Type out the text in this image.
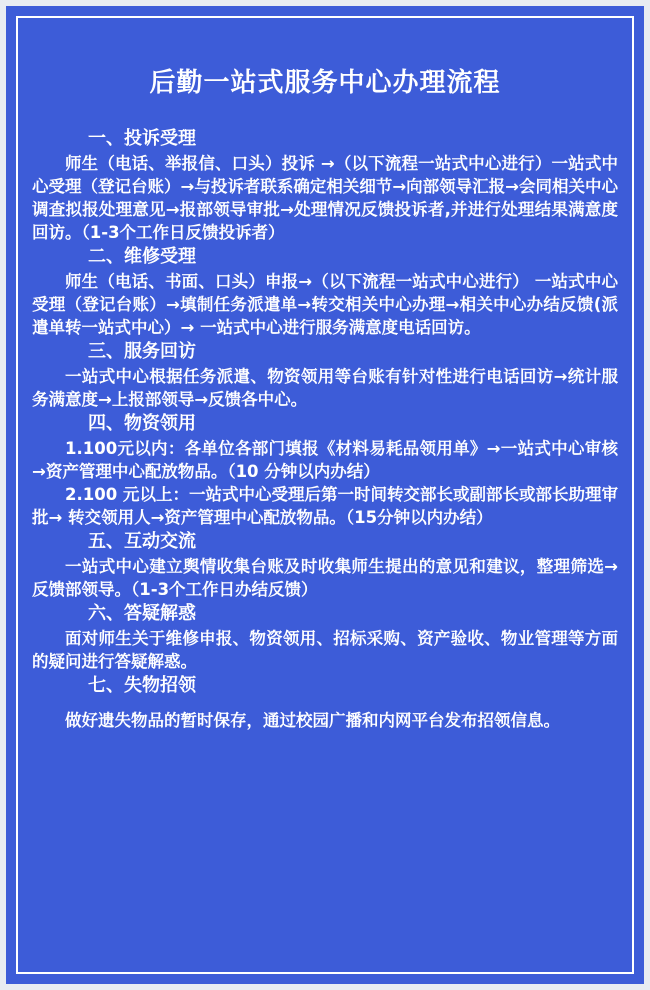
后勤一站式服务中心办理流程
一、投诉受理
师生（电话、举报信、口头）投诉 →（以下流程一站式中心进行）一站式中心受理（登记台账）→与投诉者联系确定相关细节→向部领导汇报→会同相关中心调查拟报处理意见→报部领导审批→处理情况反馈投诉者,并进行处理结果满意度回访。（1-3个工作日反馈投诉者）
二、维修受理
师生（电话、书面、口头）申报→（以下流程一站式中心进行） 一站式中心受理（登记台账）→填制任务派遣单→转交相关中心办理→相关中心办结反馈(派遣单转一站式中心）→ 一站式中心进行服务满意度电话回访。
三、服务回访
一站式中心根据任务派遣、物资领用等台账有针对性进行电话回访→统计服务满意度→上报部领导→反馈各中心。
四、物资领用
1.100元以内：各单位各部门填报《材料易耗品领用单》→一站式中心审核→资产管理中心配放物品。（10 分钟以内办结）
2.100 元以上：一站式中心受理后第一时间转交部长或副部长或部长助理审批→ 转交领用人→资产管理中心配放物品。（15分钟以内办结）
五、互动交流
一站式中心建立舆情收集台账及时收集师生提出的意见和建议，整理筛选→反馈部领导。（1-3个工作日办结反馈）
六、答疑解惑
面对师生关于维修申报、物资领用、招标采购、资产验收、物业管理等方面的疑问进行答疑解惑。
七、失物招领
做好遗失物品的暂时保存，通过校园广播和内网平台发布招领信息。
